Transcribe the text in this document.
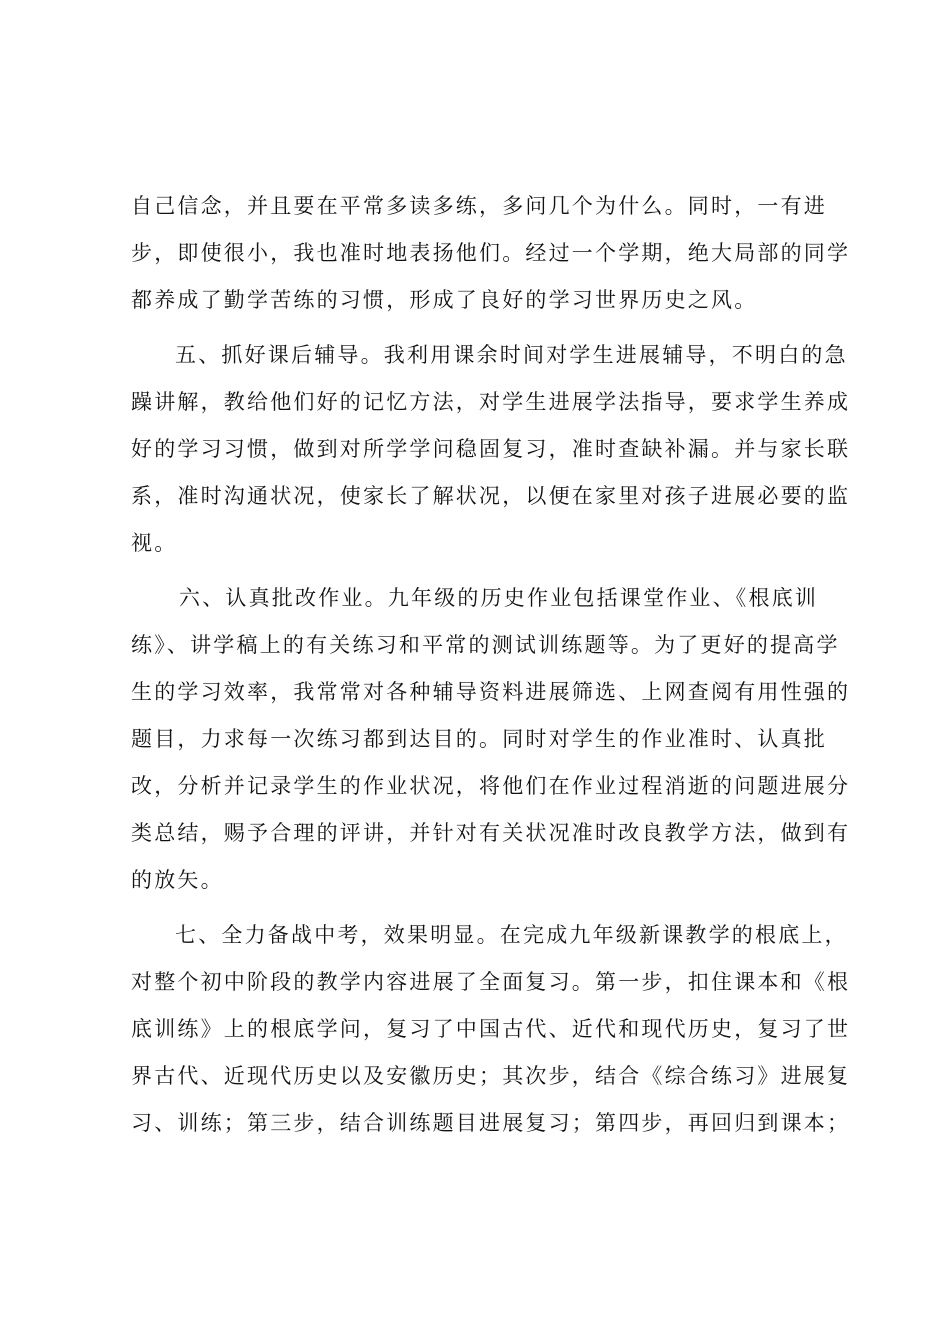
自己信念，并且要在平常多读多练，多问几个为什么。同时，一有进
步，即使很小，我也准时地表扬他们。经过一个学期，绝大局部的同学
都养成了勤学苦练的习惯，形成了良好的学习世界历史之风。
五、抓好课后辅导。我利用课余时间对学生进展辅导，不明白的急
躁讲解，教给他们好的记忆方法，对学生进展学法指导，要求学生养成
好的学习习惯，做到对所学学问稳固复习，准时查缺补漏。并与家长联
系，准时沟通状况，使家长了解状况，以便在家里对孩子进展必要的监
视。
六、认真批改作业。九年级的历史作业包括课堂作业、《根底训
练》、讲学稿上的有关练习和平常的测试训练题等。为了更好的提高学
生的学习效率，我常常对各种辅导资料进展筛选、上网查阅有用性强的
题目，力求每一次练习都到达目的。同时对学生的作业准时、认真批
改，分析并记录学生的作业状况，将他们在作业过程消逝的问题进展分
类总结，赐予合理的评讲，并针对有关状况准时改良教学方法，做到有
的放矢。
七、全力备战中考，效果明显。在完成九年级新课教学的根底上，
对整个初中阶段的教学内容进展了全面复习。第一步，扣住课本和《根
底训练》上的根底学问，复习了中国古代、近代和现代历史，复习了世
界古代、近现代历史以及安徽历史；其次步，结合《综合练习》进展复
习、训练；第三步，结合训练题目进展复习；第四步，再回归到课本；
